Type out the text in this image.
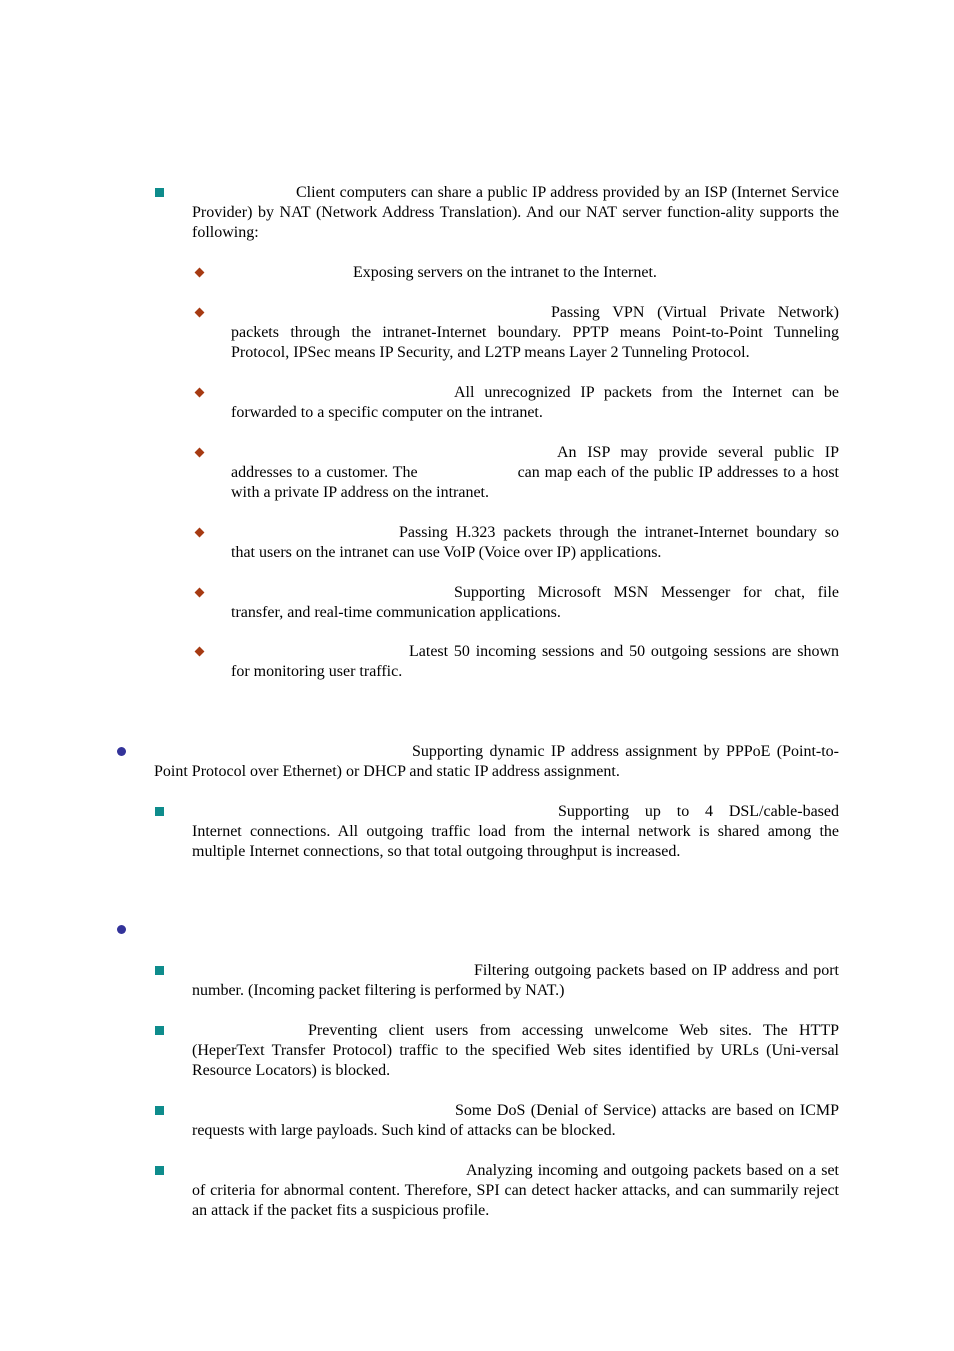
Client computers can share a public IP address provided by an ISP (Internet Service Provider) by NAT (Network Address Translation). And our NAT server function-ality supports the following:

Exposing servers on the intranet to the Internet.

Passing VPN (Virtual Private Network) packets through the intranet-Internet boundary. PPTP means Point-to-Point Tunneling Protocol, IPSec means IP Security, and L2TP means Layer 2 Tunneling Protocol.

All unrecognized IP packets from the Internet can be forwarded to a specific computer on the intranet.

An ISP may provide several public IP addresses to a customer. The	can map each of the public IP addresses to a host with a private IP address on the intranet.

Passing H.323 packets through the intranet-Internet boundary so that users on the intranet can use VoIP (Voice over IP) applications.

Supporting Microsoft MSN Messenger for chat, file transfer, and real-time communication applications.

Latest 50 incoming sessions and 50 outgoing sessions are shown for monitoring user traffic.

Supporting dynamic IP address assignment by PPPoE (Point-to-Point Protocol over Ethernet) or DHCP and static IP address assignment.

Supporting up to 4 DSL/cable-based Internet connections. All outgoing traffic load from the internal network is shared among the multiple Internet connections, so that total outgoing throughput is increased.

Filtering outgoing packets based on IP address and port number. (Incoming packet filtering is performed by NAT.)

Preventing client users from accessing unwelcome Web sites. The HTTP (HeperText Transfer Protocol) traffic to the specified Web sites identified by URLs (Uni-versal Resource Locators) is blocked.

Some DoS (Denial of Service) attacks are based on ICMP requests with large payloads. Such kind of attacks can be blocked.

Analyzing incoming and outgoing packets based on a set of criteria for abnormal content. Therefore, SPI can detect hacker attacks, and can summarily reject an attack if the packet fits a suspicious profile.
